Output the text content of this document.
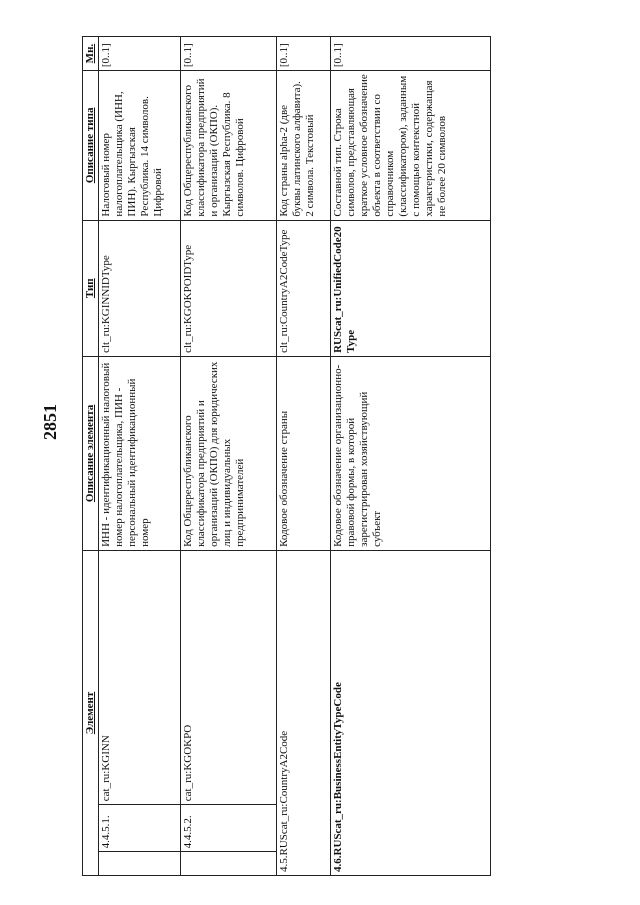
2851
Элемент			Описание элемента	Тип	Описание типа	Мн.
	4.4.5.1.	cat_ru:KGINN	ИНН - идентификационный налоговый номер налогоплательщика, ПИН - персональный идентификационный номер	clt_ru:KGINNIDType	Налоговый номер налогоплательщика (ИНН, ПИН). Кыргызская Республика. 14 символов. Цифровой	[0..1]
	4.4.5.2.	cat_ru:KGOKPO	Код Общереспубликанского классификатора предприятий и организаций (ОКПО) для юридических лиц и индивидуальных предпринимателей	clt_ru:KGOKPOIDType	Код Общереспубликанского классификатора предприятий и организаций (ОКПО). Кыргызская Республика. 8 символов. Цифровой	[0..1]
4.5.RUScat_ru:CountryA2Code			Кодовое обозначение страны	clt_ru:CountryA2CodeType	Код страны alpha-2 (две буквы латинского алфавита). 2 символа. Текстовый	[0..1]
4.6.RUScat_ru:BusinessEntityTypeCode			Кодовое обозначение организационно-правовой формы, в которой зарегистрирован хозяйствующий субъект	RUScat_ru:UnifiedCode20Type	Составной тип. Строка символов, представляющая краткое условное обозначение объекта в соответствии со справочником (классификатором), заданным с помощью контекстной характеристики, содержащая не более 20 символов	[0..1]
